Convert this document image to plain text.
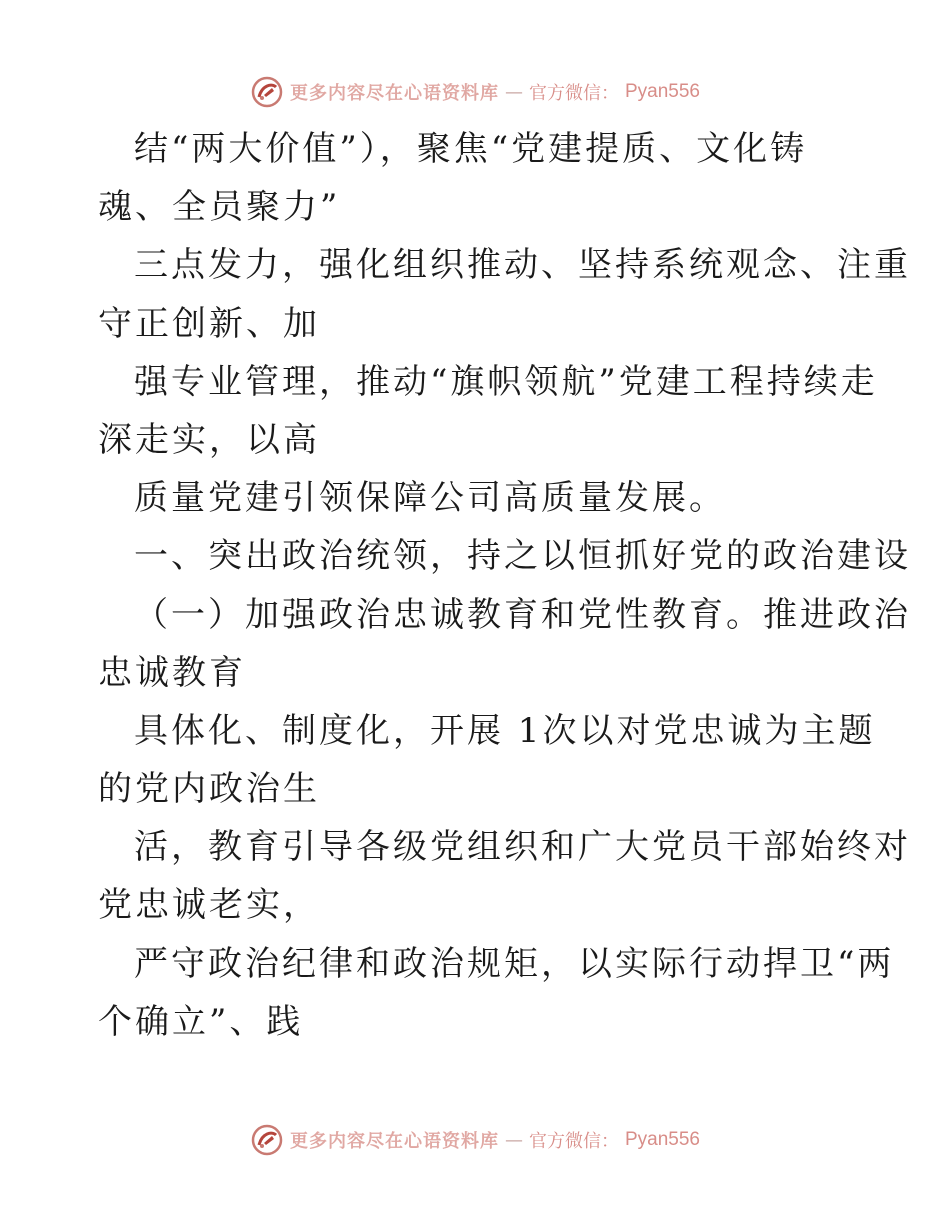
更多内容尽在心语资料库 — 官方微信： Pyan556
结“两大价值”），聚焦“党建提质、文化铸
魂、全员聚力”
三点发力，强化组织推动、坚持系统观念、注重
守正创新、加
强专业管理，推动“旗帜领航”党建工程持续走
深走实，以高
质量党建引领保障公司高质量发展。
一、突出政治统领，持之以恒抓好党的政治建设
（一）加强政治忠诚教育和党性教育。推进政治
忠诚教育
具体化、制度化，开展 1次以对党忠诚为主题
的党内政治生
活，教育引导各级党组织和广大党员干部始终对
党忠诚老实，
严守政治纪律和政治规矩，以实际行动捍卫“两
个确立”、践
更多内容尽在心语资料库 — 官方微信： Pyan556
